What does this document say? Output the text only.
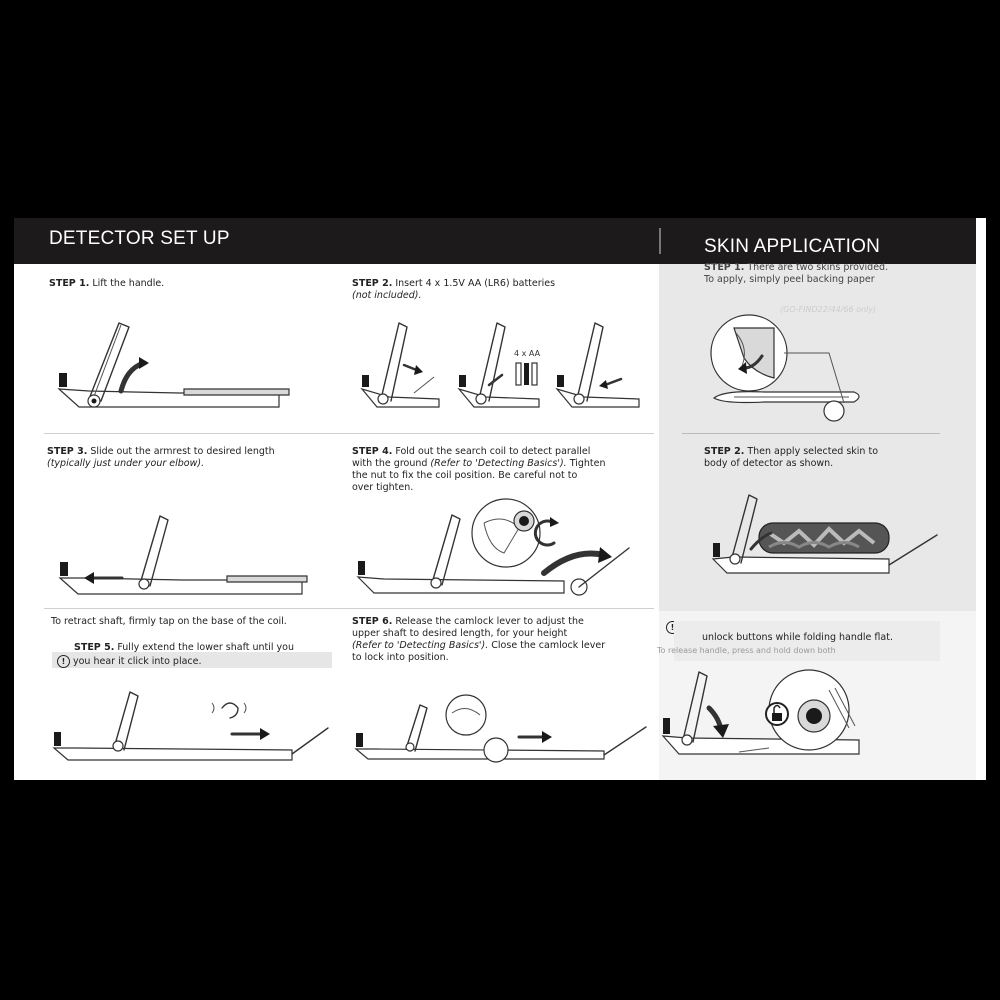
DETECTOR SET UP	SKIN APPLICATION
STEP 1. Lift the handle.	STEP 2. Insert 4 x 1.5V AA (LR6) batteries
(not included).
4 x AA
STEP 3. Slide out the armrest to desired length
(typically just under your elbow).
STEP 4. Fold out the search coil to detect parallel
with the ground (Refer to 'Detecting Basics'). Tighten
the nut to fix the coil position. Be careful not to
over tighten.
To retract shaft, firmly tap on the base of the coil.
STEP 5. Fully extend the lower shaft until you
! you hear it click into place.
STEP 6. Release the camlock lever to adjust the
upper shaft to desired length, for your height
(Refer to 'Detecting Basics'). Close the camlock lever
to lock into position.
STEP 1. There are two skins provided.
To apply, simply peel backing paper
(GO-FIND22/44/66 only)
STEP 2. Then apply selected skin to
body of detector as shown.
!
unlock buttons while folding handle flat.
To release handle, press and hold down both
